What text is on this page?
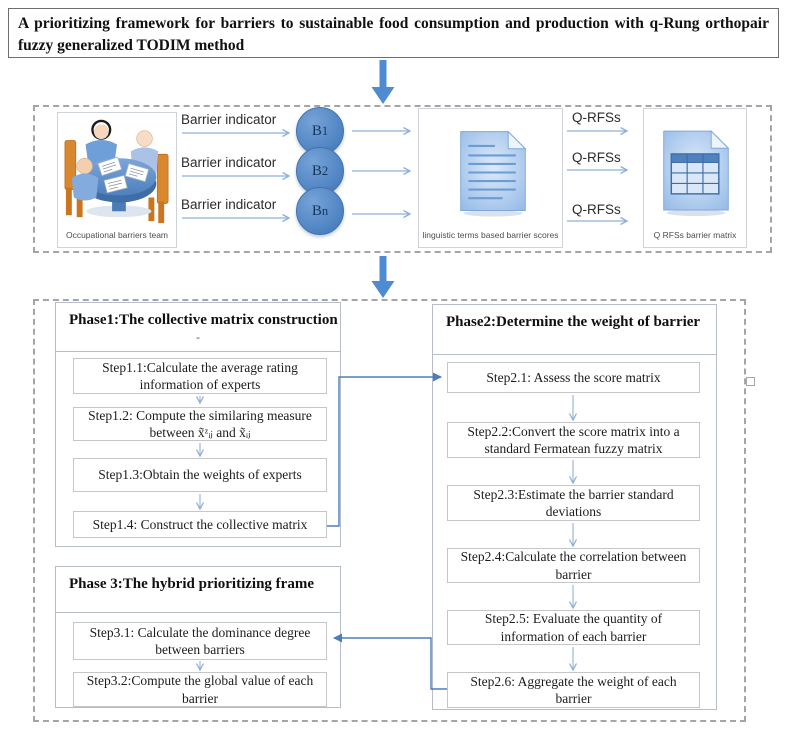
A prioritizing framework for barriers to sustainable food consumption and production with q-Rung orthopair fuzzy generalized TODIM method
Occupational barriers team
Barrier indicator
Barrier indicator
Barrier indicator
B 1
B 2
B n
linguistic terms based barrier scores
Q-RFSs
Q-RFSs
Q-RFSs
Q RFSs barrier matrix
Phase1:The collective matrix construction
-
Step1.1:Calculate the average rating information of experts
Step1.2: Compute the similaring measure between x̃ᶻᵢⱼ and x̃ᵢⱼ
Step1.3:Obtain the weights of experts
Step1.4: Construct the collective matrix
Phase 3:The hybrid prioritizing frame
Step3.1: Calculate the dominance degree between barriers
Step3.2:Compute the global value of each barrier
Phase2:Determine the weight of barrier
Step2.1: Assess the score matrix
Step2.2:Convert the score matrix into a standard Fermatean fuzzy matrix
Step2.3:Estimate the barrier standard deviations
Step2.4:Calculate the correlation between barrier
Step2.5: Evaluate the quantity of information of each barrier
Step2.6: Aggregate the weight of each barrier
